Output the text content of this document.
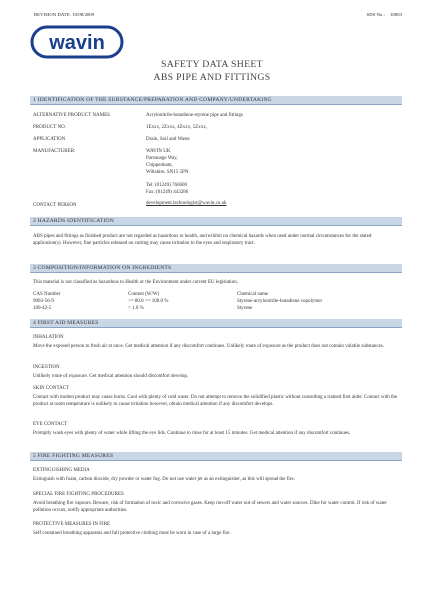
REVISION DATE: 10/08/2009	SDS No.: 10803
wavin
SAFETY DATA SHEET
ABS PIPE AND FITTINGS
1 IDENTIFICATION OF THE SUBSTANCE/PREPARATION AND COMPANY/UNDERTAKING
ALTERNATIVE PRODUCT NAMES	Acrylonitrile-butadiene-styrene pipe and fittings
PRODUCT NO.	1Exxx, 2Zxxx, 4Zxxx, 5Zxxx,
APPLICATION	Drain, Soil and Waste
MANUFACTURER:	WAVIN UK
Parsonage Way,
Chippenham,
Wiltshire, SN15 5PN
Tel: (01249) 766600
Fax: (01249) 443286
CONTACT PERSON	development.technologist@wavin.co.uk
2 HAZARDS IDENTIFICATION
ABS pipes and fittings as finished product are not regarded as hazardous to health, and exhibit no chemical hazards when used under normal circumstances for the stated application(s). However, fine particles released on cutting may cause irritation to the eyes and respiratory tract.
3 COMPOSITION/INFORMATION ON INGREDIENTS
This material is not classified as hazardous to Health or the Environment under current EU legislation.
CAS Number	Content (W/W)	Chemical name
9003-56-9	>= 80.0 <= 100.0 %	Styrene-acrylonitrile-butadiene copolymer
100-42-5	< 1.0 %	Styrene
4 FIRST AID MEASURES
INHALATION
Move the exposed person to fresh air at once. Get medical attention if any discomfort continues. Unlikely route of exposure as the product does not contain volatile substances.
INGESTION
Unlikely route of exposure. Get medical attention should discomfort develop.
SKIN CONTACT
Contact with molten product may cause burns. Cool with plenty of cold water. Do not attempt to remove the solidified plastic without consulting a trained first aider. Contact with the product at room temperature is unlikely to cause irritation however, obtain medical attention if any discomfort develops.
EYE CONTACT
Promptly wash eyes with plenty of water while lifting the eye lids. Continue to rinse for at least 15 minutes. Get medical attention if any discomfort continues.
5 FIRE FIGHTING MEASURES
EXTINGUISHING MEDIA
Extinguish with foam, carbon dioxide, dry powder or water fog. Do not use water jet as an extinguisher, as this will spread the fire.
SPECIAL FIRE FIGHTING PROCEDURES
Avoid breathing fire vapours. Beware, risk of formation of toxic and corrosive gases. Keep run-off water out of sewers and water sources. Dike for water control. If risk of water pollution occurs, notify appropriate authorities.
PROTECTIVE MEASURES IN FIRE
Self contained breathing apparatus and full protective clothing must be worn in case of a large fire.
